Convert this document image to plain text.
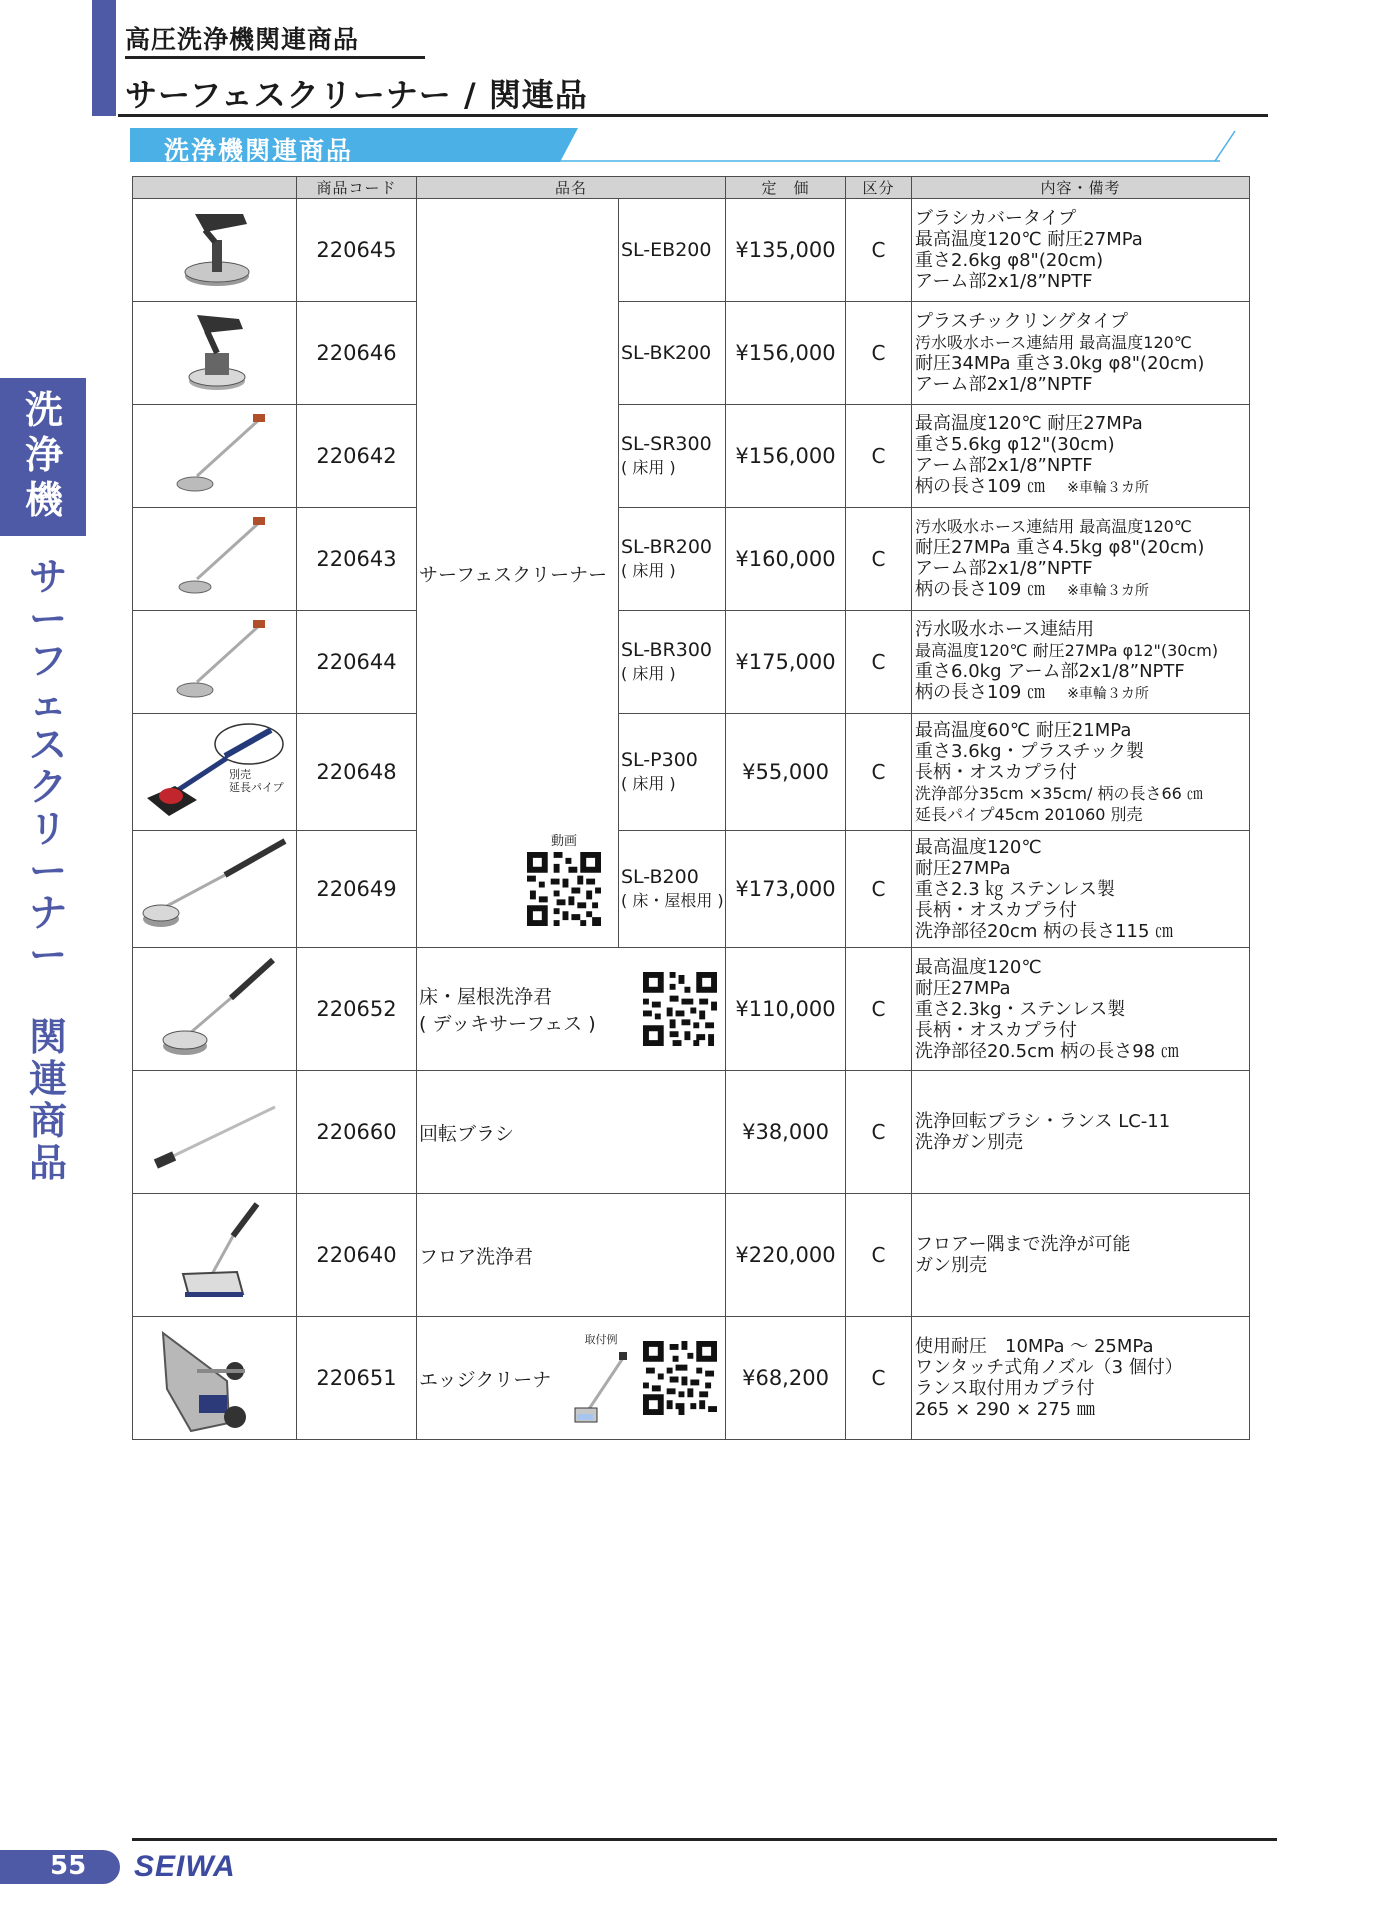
高圧洗浄機関連商品
サーフェスクリーナー / 関連品
洗浄機関連商品
洗浄機
サーフェスクリーナー
関連商品
	商品コード	品名		定　価	区分	内容・備考
	220645	サーフェスクリーナー	SL-EB200	¥135,000	C	ブラシカバータイプ
最高温度120℃ 耐圧27MPa
重さ2.6kg φ8"(20cm)
アーム部2x1/8”NPTF

	220646		SL-BK200	¥156,000	C	プラスチックリングタイプ
汚水吸水ホース連結用 最高温度120℃
耐圧34MPa 重さ3.0kg φ8"(20cm)
アーム部2x1/8”NPTF

	220642		SL-SR300
( 床用 )	¥156,000	C	最高温度120℃ 耐圧27MPa
重さ5.6kg φ12"(30cm)
アーム部2x1/8”NPTF
柄の長さ109 ㎝ ※車輪３カ所

	220643		SL-BR200
( 床用 )	¥160,000	C	汚水吸水ホース連結用 最高温度120℃
耐圧27MPa 重さ4.5kg φ8"(20cm)
アーム部2x1/8”NPTF
柄の長さ109 ㎝ ※車輪３カ所

	220644		SL-BR300
( 床用 )	¥175,000	C	汚水吸水ホース連結用
最高温度120℃ 耐圧27MPa φ12"(30cm)
重さ6.0kg アーム部2x1/8”NPTF
柄の長さ109 ㎝ ※車輪３カ所

別売
延長パイプ	220648		SL-P300
( 床用 )	¥55,000	C	最高温度60℃ 耐圧21MPa
重さ3.6kg・プラスチック製
長柄・オスカプラ付
洗浄部分35cm ×35cm/ 柄の長さ66 ㎝
延長パイプ45cm 201060 別売

	220649		SL-B200
( 床・屋根用 )	¥173,000	C	最高温度120℃
耐圧27MPa
重さ2.3 ㎏ ステンレス製
長柄・オスカプラ付
洗浄部径20cm 柄の長さ115 ㎝

	220652	床・屋根洗浄君
( デッキサーフェス )		¥110,000	C	最高温度120℃
耐圧27MPa
重さ2.3kg・ステンレス製
長柄・オスカプラ付
洗浄部径20.5cm 柄の長さ98 ㎝

	220660	回転ブラシ		¥38,000	C	洗浄回転ブラシ・ランス LC-11
洗浄ガン別売

	220640	フロア洗浄君		¥220,000	C	フロアー隅まで洗浄が可能
ガン別売

	220651	エッジクリーナ
取付例		¥68,200	C	使用耐圧　10MPa ～ 25MPa
ワンタッチ式角ノズル（3 個付）
ランス取付用カプラ付
265 × 290 × 275 ㎜
動画
55 SEIWA
